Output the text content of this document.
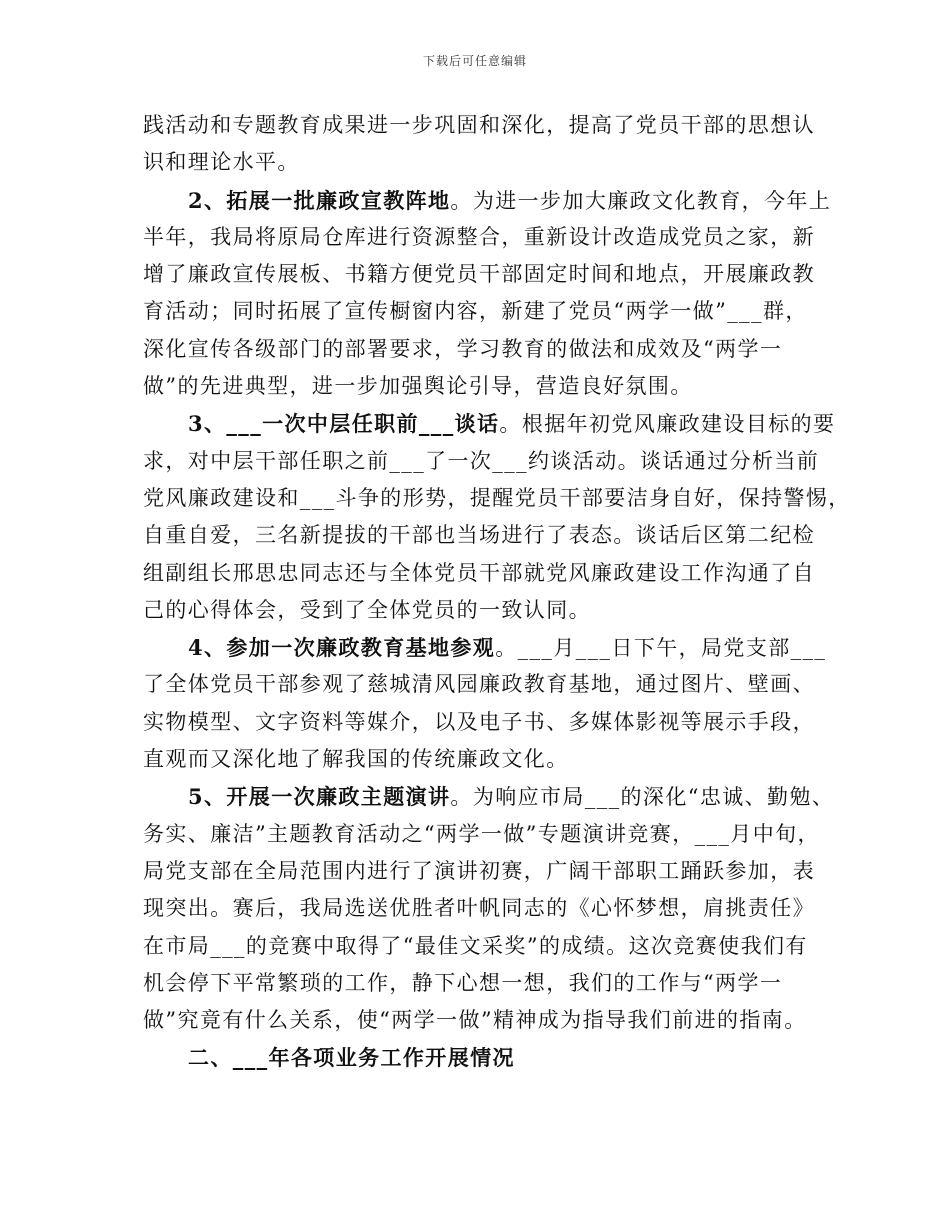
下载后可任意编辑
践活动和专题教育成果进一步巩固和深化，提高了党员干部的思想认
识和理论水平。
2、拓展一批廉政宣教阵地。为进一步加大廉政文化教育，今年上
半年，我局将原局仓库进行资源整合，重新设计改造成党员之家，新
增了廉政宣传展板、书籍方便党员干部固定时间和地点，开展廉政教
育活动；同时拓展了宣传橱窗内容，新建了党员“两学一做”___群，
深化宣传各级部门的部署要求，学习教育的做法和成效及“两学一
做”的先进典型，进一步加强舆论引导，营造良好氛围。
3、___一次中层任职前___谈话。根据年初党风廉政建设目标的要
求，对中层干部任职之前___了一次___约谈活动。谈话通过分析当前
党风廉政建设和___斗争的形势，提醒党员干部要洁身自好，保持警惕，
自重自爱，三名新提拔的干部也当场进行了表态。谈话后区第二纪检
组副组长邢思忠同志还与全体党员干部就党风廉政建设工作沟通了自
己的心得体会，受到了全体党员的一致认同。
4、参加一次廉政教育基地参观。___月___日下午，局党支部___
了全体党员干部参观了慈城清风园廉政教育基地，通过图片、壁画、
实物模型、文字资料等媒介，以及电子书、多媒体影视等展示手段，
直观而又深化地了解我国的传统廉政文化。
5、开展一次廉政主题演讲。为响应市局___的深化“忠诚、勤勉、
务实、廉洁”主题教育活动之“两学一做”专题演讲竞赛，___月中旬，
局党支部在全局范围内进行了演讲初赛，广阔干部职工踊跃参加，表
现突出。赛后，我局选送优胜者叶帆同志的《心怀梦想，肩挑责任》
在市局___的竞赛中取得了“最佳文采奖”的成绩。这次竞赛使我们有
机会停下平常繁琐的工作，静下心想一想，我们的工作与“两学一
做”究竟有什么关系，使“两学一做”精神成为指导我们前进的指南。
二、___年各项业务工作开展情况
